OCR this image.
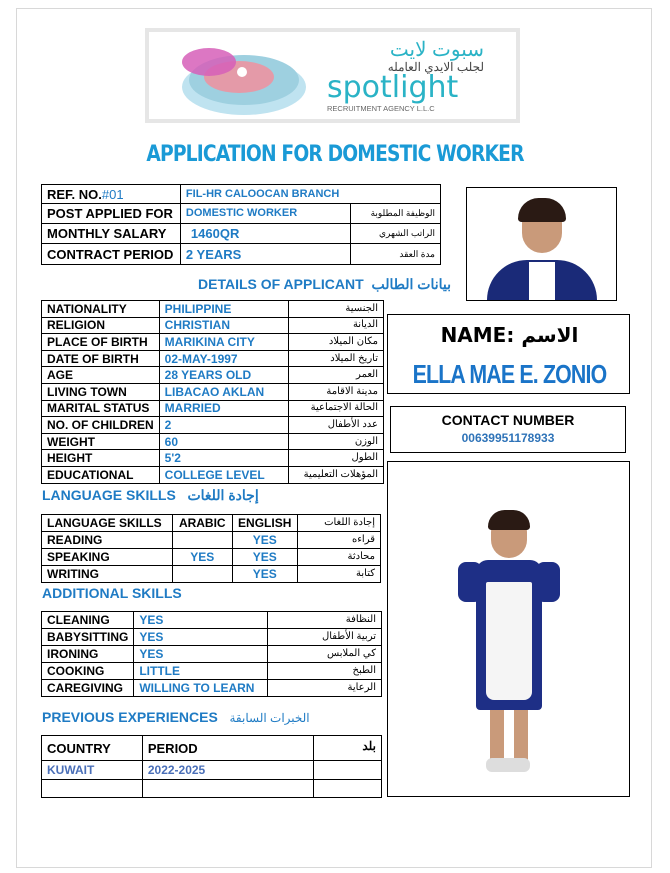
سبوت لايت
لجلب الايدي العامله
spotlight
RECRUITMENT AGENCY L.L.C
APPLICATION FOR DOMESTIC WORKER
REF. NO.#01	FIL-HR CALOOCAN BRANCH	
POST APPLIED FOR	DOMESTIC WORKER	الوظيفة المطلوبة
MONTHLY SALARY	1460QR	الراتب الشهري
CONTRACT PERIOD	2 YEARS	مدة العقد
DETAILS OF APPLICANT بيانات الطالب
NATIONALITY	PHILIPPINE	الجنسية
RELIGION	CHRISTIAN	الديانة
PLACE OF BIRTH	MARIKINA CITY	مكان الميلاد
DATE OF BIRTH	02-MAY-1997	تاريخ الميلاد
AGE	28 YEARS OLD	العمر
LIVING TOWN	LIBACAO AKLAN	مدينة الاقامة
MARITAL STATUS	MARRIED	الحالة الاجتماعية
NO. OF CHILDREN	2	عدد الأطفال
WEIGHT	60	الوزن
HEIGHT	5'2	الطول
EDUCATIONAL	COLLEGE LEVEL	المؤهلات التعليمية
NAME: الاسم
ELLA MAE E. ZONIO
CONTACT NUMBER
00639951178933
LANGUAGE SKILLS إجادة اللغات
LANGUAGE SKILLS	ARABIC	ENGLISH	إجادة اللغات
READING		YES	قراءه
SPEAKING	YES	YES	محادثة
WRITING		YES	كتابة
ADDITIONAL SKILLS
CLEANING	YES	النظافة
BABYSITTING	YES	تربية الأطفال
IRONING	YES	كي الملابس
COOKING	LITTLE	الطبخ
CAREGIVING	WILLING TO LEARN	الرعاية
PREVIOUS EXPERIENCES الخبرات السابقة
COUNTRY	PERIOD	بلد
KUWAIT	2022-2025	
